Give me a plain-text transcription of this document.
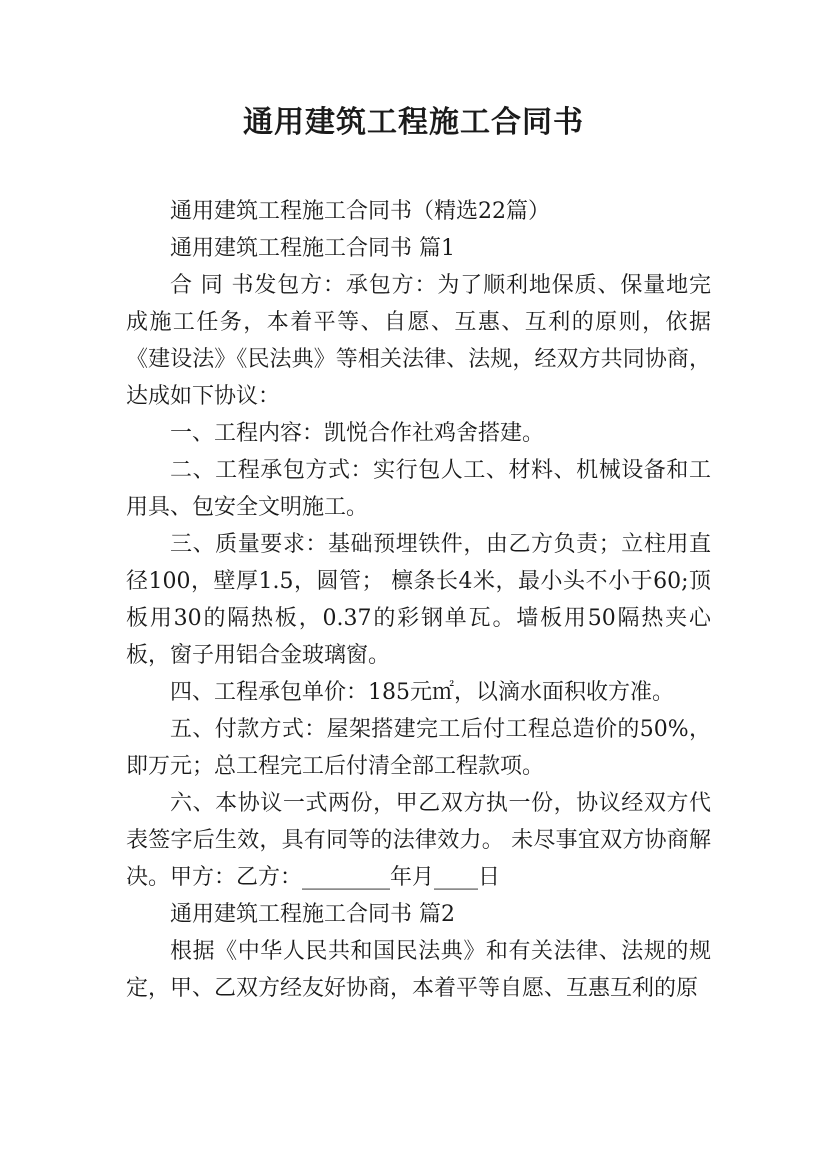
通用建筑工程施工合同书

通用建筑工程施工合同书（精选22篇）

通用建筑工程施工合同书 篇1

合 同 书发包方：承包方：为了顺利地保质、保量地完成施工任务，本着平等、自愿、互惠、互利的原则，依据《建设法》《民法典》等相关法律、法规，经双方共同协商，达成如下协议：

一、工程内容：凯悦合作社鸡舍搭建。

二、工程承包方式：实行包人工、材料、机械设备和工用具、包安全文明施工。

三、质量要求：基础预埋铁件，由乙方负责；立柱用直径100，壁厚1.5，圆管； 檩条长4米，最小头不小于60;顶板用30的隔热板，0.37的彩钢单瓦。墙板用50隔热夹心板，窗子用铝合金玻璃窗。

四、工程承包单价：185元㎡，以滴水面积收方准。

五、付款方式：屋架搭建完工后付工程总造价的50%，即万元；总工程完工后付清全部工程款项。

六、本协议一式两份，甲乙双方执一份，协议经双方代表签字后生效，具有同等的法律效力。 未尽事宜双方协商解决。甲方：乙方：________年月____日

通用建筑工程施工合同书 篇2

根据《中华人民共和国民法典》和有关法律、法规的规定，甲、乙双方经友好协商，本着平等自愿、互惠互利的原
